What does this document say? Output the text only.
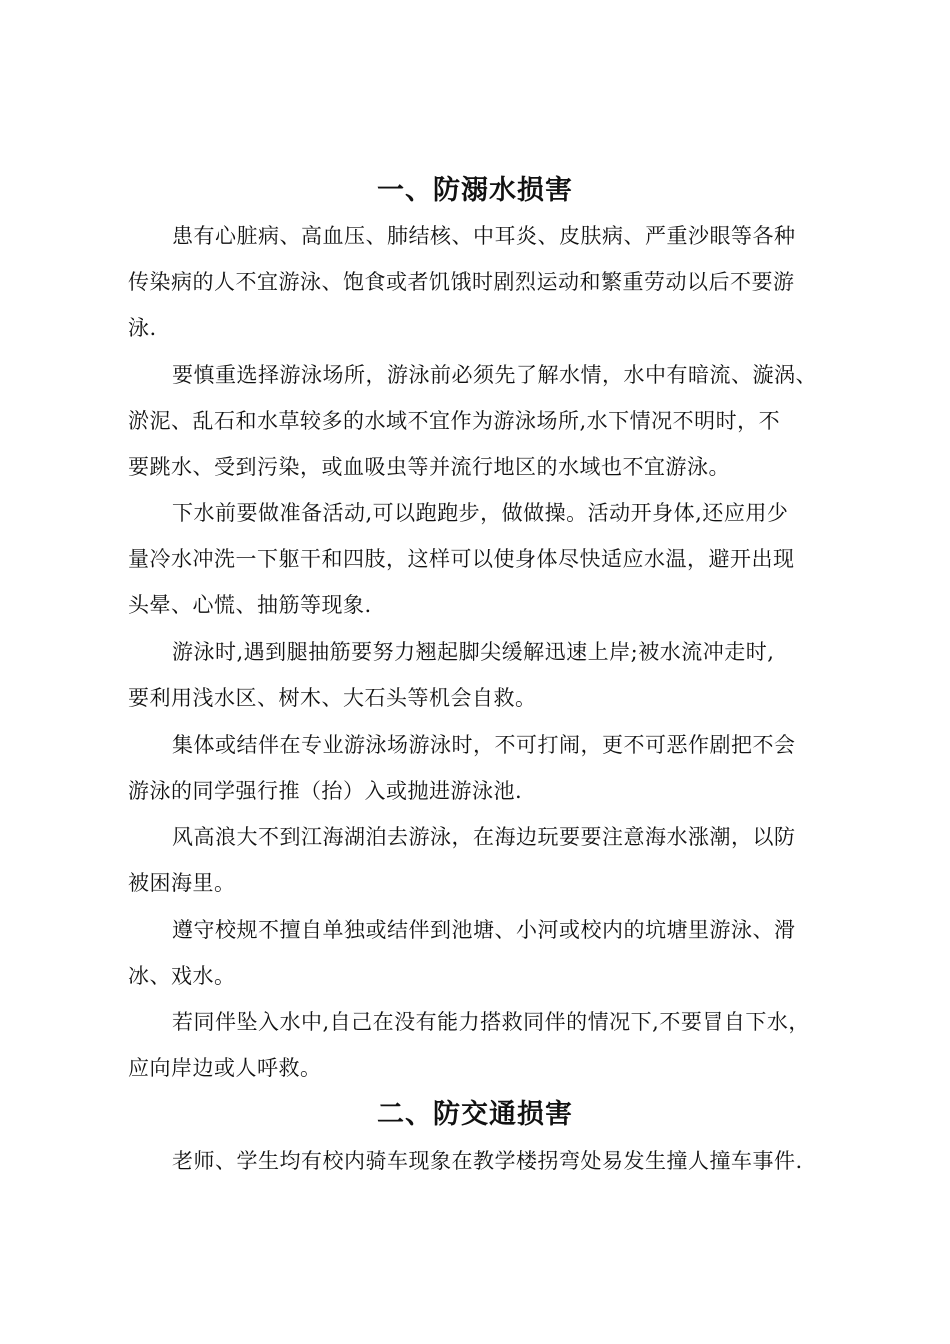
一、防溺水损害
患有心脏病、高血压、肺结核、中耳炎、皮肤病、严重沙眼等各种
传染病的人不宜游泳、饱食或者饥饿时剧烈运动和繁重劳动以后不要游
泳.
要慎重选择游泳场所，游泳前必须先了解水情，水中有暗流、漩涡、
淤泥、乱石和水草较多的水域不宜作为游泳场所,水下情况不明时，不
要跳水、受到污染，或血吸虫等并流行地区的水域也不宜游泳。
下水前要做准备活动,可以跑跑步，做做操。活动开身体,还应用少
量冷水冲洗一下躯干和四肢，这样可以使身体尽快适应水温，避开出现
头晕、心慌、抽筋等现象.
游泳时,遇到腿抽筋要努力翘起脚尖缓解迅速上岸;被水流冲走时,
要利用浅水区、树木、大石头等机会自救。
集体或结伴在专业游泳场游泳时，不可打闹，更不可恶作剧把不会
游泳的同学强行推（抬）入或抛进游泳池.
风高浪大不到江海湖泊去游泳，在海边玩要要注意海水涨潮，以防
被困海里。
遵守校规不擅自单独或结伴到池塘、小河或校内的坑塘里游泳、滑
冰、戏水。
若同伴坠入水中,自己在没有能力搭救同伴的情况下,不要冒自下水，
应向岸边或人呼救。
二、防交通损害
老师、学生均有校内骑车现象在教学楼拐弯处易发生撞人撞车事件.
